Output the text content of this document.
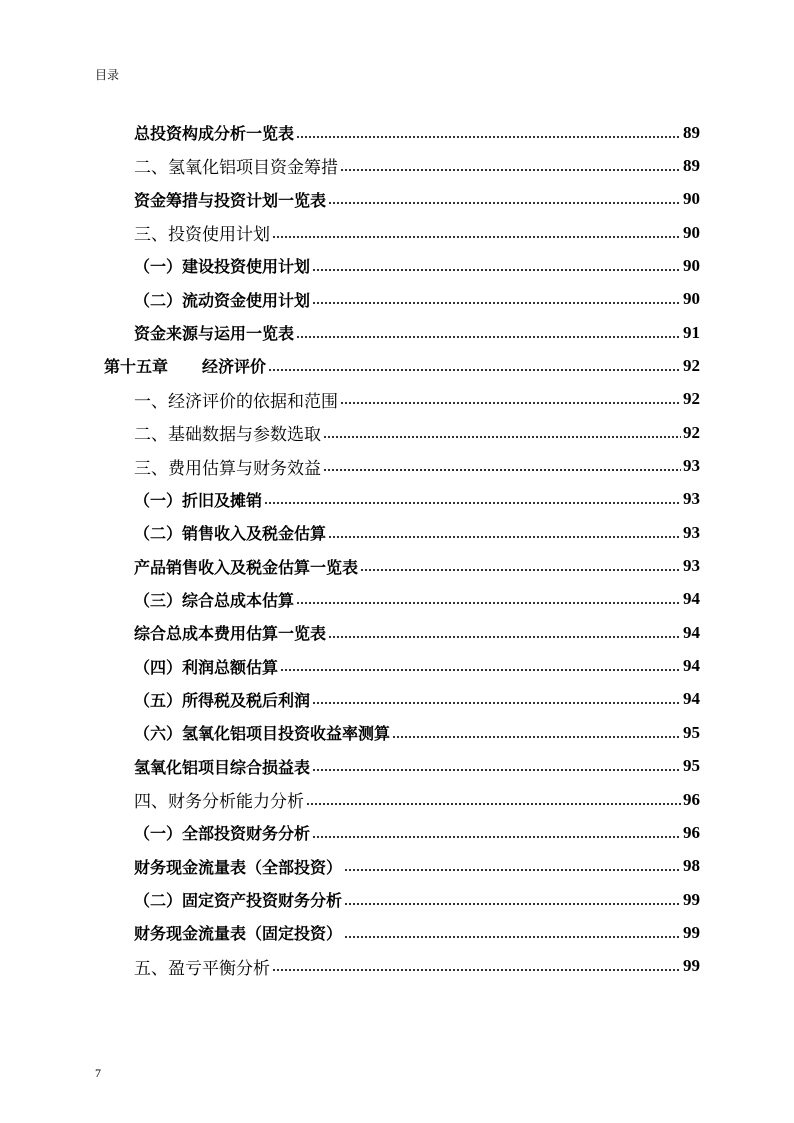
目录
总投资构成分析一览表	89
二、氢氧化铝项目资金筹措	89
资金筹措与投资计划一览表	90
三、投资使用计划	90
（一）建设投资使用计划	90
（二）流动资金使用计划	90
资金来源与运用一览表	91
第十五章 经济评价	92
一、经济评价的依据和范围	92
二、基础数据与参数选取	92
三、费用估算与财务效益	93
（一）折旧及摊销	93
（二）销售收入及税金估算	93
产品销售收入及税金估算一览表	93
（三）综合总成本估算	94
综合总成本费用估算一览表	94
（四）利润总额估算	94
（五）所得税及税后利润	94
（六）氢氧化铝项目投资收益率测算	95
氢氧化铝项目综合损益表	95
四、财务分析能力分析	96
（一）全部投资财务分析	96
财务现金流量表（全部投资）	98
（二）固定资产投资财务分析	99
财务现金流量表（固定投资）	99
五、盈亏平衡分析	99
7
